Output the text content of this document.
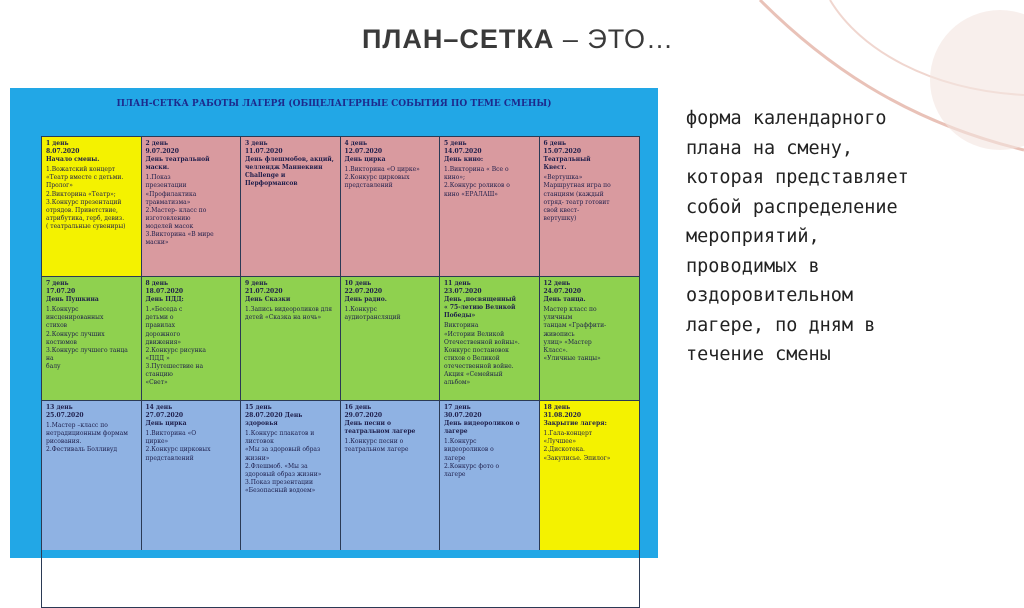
ПЛАН–СЕТКА – ЭТО…
ПЛАН-СЕТКА РАБОТЫ ЛАГЕРЯ (ОБЩЕЛАГЕРНЫЕ СОБЫТИЯ ПО ТЕМЕ СМЕНЫ)
1 день
8.07.2020
Начало смены.
1.Вожатский концерт
«Театр вместе с детьми.
Пролог»
2.Викторина «Театр»;
3.Конкурс презентаций
отрядов. Приветствие,
атрибутика, герб, девиз.
( театральные сувениры)
2 день
9.07.2020
День театральной
маски.
1.Показ
презентации
«Профилактика
травматизма»
2.Мастер- класс по
изготовлению
моделей масок
3.Викторина «В мире
маски»
3 день
11.07.2020
День флешмобов, акций,
челлендж Маннеквин
Challenge и
Перформансов
4 день
12.07.2020
День цирка
1.Викторина «О цирке»
2.Конкурс цирковых
представлений
5 день
14.07.2020
День кино:
1.Викторина « Все о
кино»;
2.Конкурс роликов о
кино «ЕРАЛАШ»
6 день
15.07.2020
Театральный
Квест.
«Вертушка»
Маршрутная игра по
станциям (каждый
отряд- театр готовит
свой квест-
вертушку)
7 день
17.07.20
День Пушкина
1.Конкурс
инсценированных
стихов
2.Конкурс лучших
костюмов
3.Конкурс лучшего танца на
балу
8 день
18.07.2020
День ПДД:
1.«Беседа с
детьми о
правилах
дорожного
движения»
2.Конкурс рисунка
«ПДД »
3.Путешествие на
станцию
«Свет»
9 день
21.07.2020
День Сказки
1.Запись видеороликов для
детей «Сказка на ночь»
10 день
22.07.2020
День радио.
1.Конкурс
аудиотрансляций
11 день
23.07.2020
День ,посвященный
« 75-летию Великой
Победы»
Викторина
«Истории Великой
Отечественной войны».
Конкурс постановок
стихов о Великой
отечественной войне.
Акция «Семейный
альбом»
12 день
24.07.2020
День танца.
Мастер класс по
уличным
танцам «Граффити-
живопись
улиц» «Мастер
Класс».
«Уличные танцы»
13 день
25.07.2020
1.Мастер –класс по
нетрадиционным формам
рисования.
2.Фестиваль Болливуд
14 день
27.07.2020
День цирка
1.Викторина «О
цирке»
2.Конкурс цирковых
представлений
15 день
28.07.2020 День здоровья
1.Конкурс плакатов и
листовок
«Мы за здоровый образ
жизни»
2.Флешмоб. «Мы за
здоровый образ жизни»
3.Показ презентации
«Безопасный водоем»
16 день
29.07.2020
День песни о
театральном лагере
1.Конкурс песни о
театральном лагере
17 день
30.07.2020
День видеороликов о
лагере
1.Конкурс
видеороликов о
лагере
2.Конкурс фото о
лагере
18 день
31.08.2020
Закрытие лагеря:
1.Гала-концерт
«Лучшее»
2.Дискотека.
«Закулисье. Эпилог»
форма календарного
плана на смену,
которая представляет
собой распределение
мероприятий,
проводимых в
оздоровительном
лагере, по дням в
течение смены
